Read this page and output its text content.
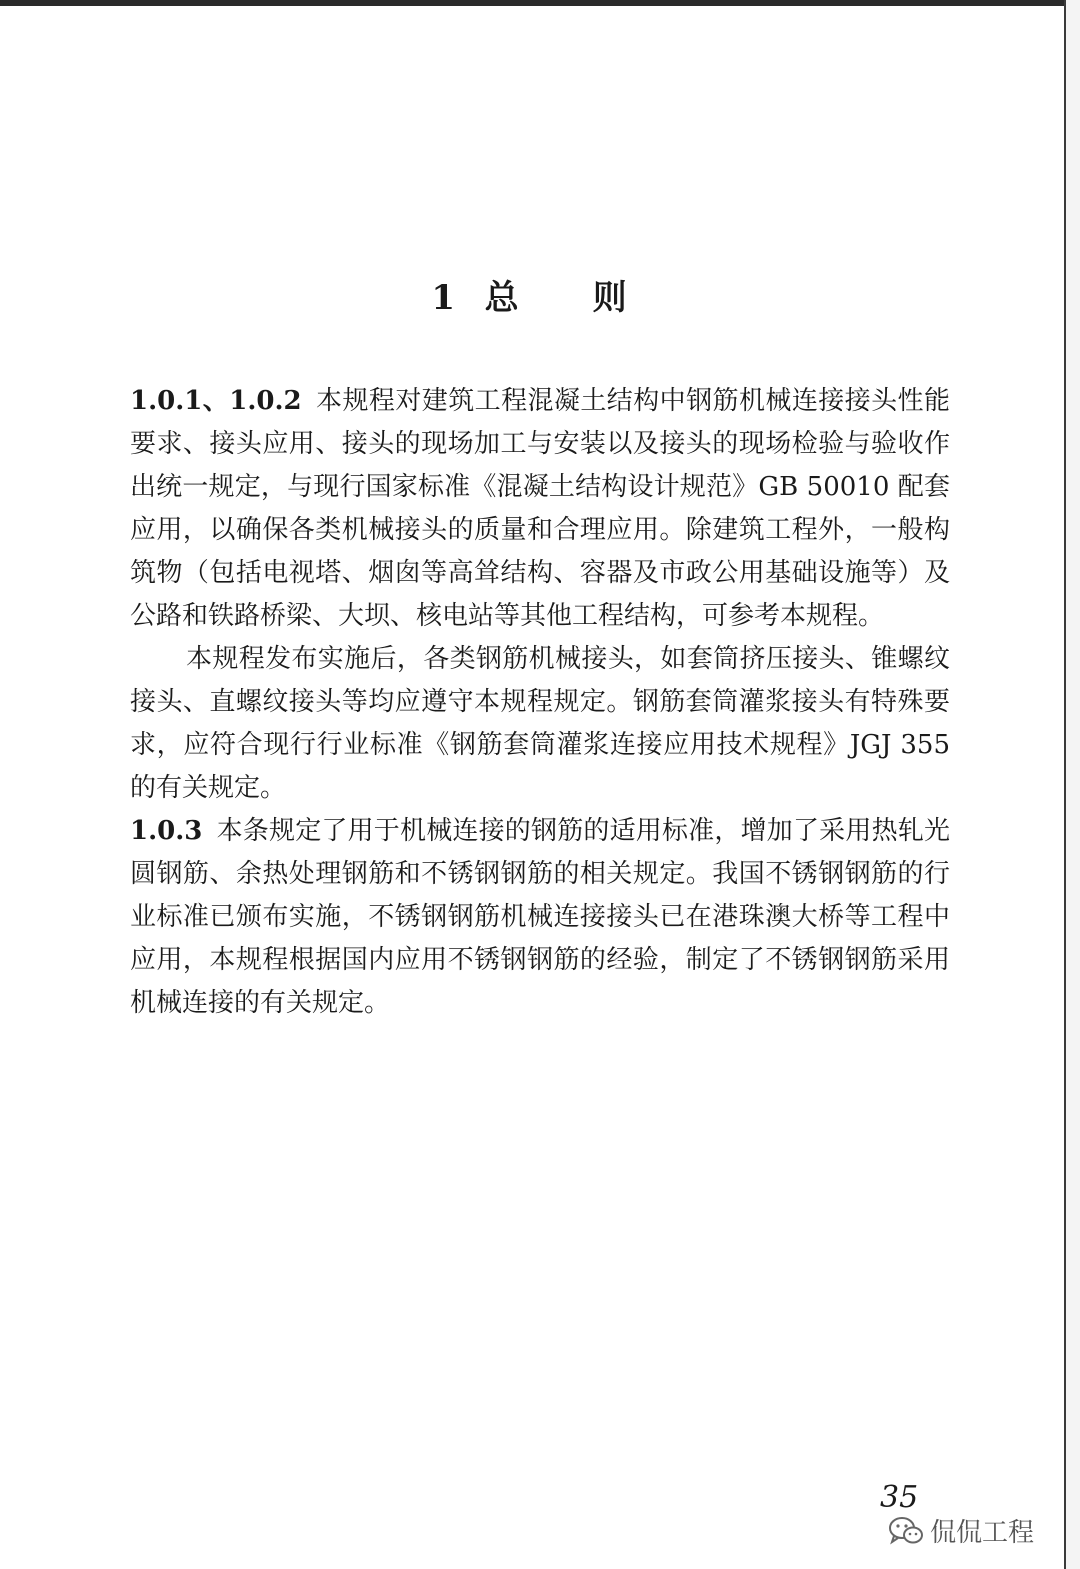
1 总　　则

1.0.1、1.0.2 本规程对建筑工程混凝土结构中钢筋机械连接接头性能要求、接头应用、接头的现场加工与安装以及接头的现场检验与验收作出统一规定，与现行国家标准《混凝土结构设计规范》GB 50010 配套应用，以确保各类机械接头的质量和合理应用。除建筑工程外，一般构筑物（包括电视塔、烟囱等高耸结构、容器及市政公用基础设施等）及公路和铁路桥梁、大坝、核电站等其他工程结构，可参考本规程。

本规程发布实施后，各类钢筋机械接头，如套筒挤压接头、锥螺纹接头、直螺纹接头等均应遵守本规程规定。钢筋套筒灌浆接头有特殊要求，应符合现行行业标准《钢筋套筒灌浆连接应用技术规程》JGJ 355 的有关规定。

1.0.3 本条规定了用于机械连接的钢筋的适用标准，增加了采用热轧光圆钢筋、余热处理钢筋和不锈钢钢筋的相关规定。我国不锈钢钢筋的行业标准已颁布实施，不锈钢钢筋机械连接接头已在港珠澳大桥等工程中应用，本规程根据国内应用不锈钢钢筋的经验，制定了不锈钢钢筋采用机械连接的有关规定。

35
侃侃工程
